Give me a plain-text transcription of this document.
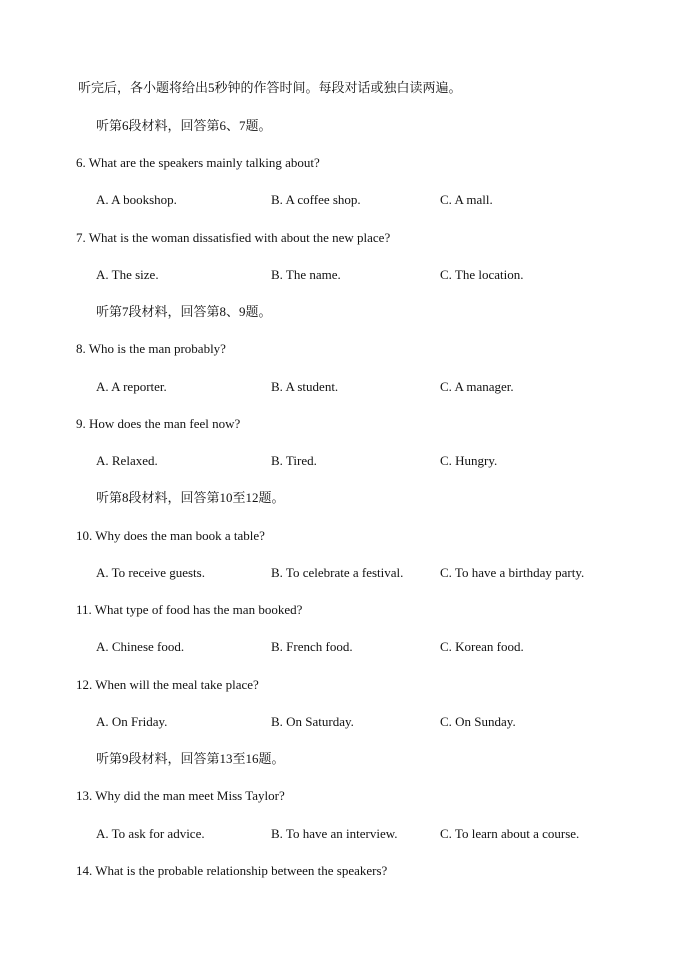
听完后，各小题将给出5秒钟的作答时间。每段对话或独白读两遍。
听第6段材料，回答第6、7题。
6. What are the speakers mainly talking about?
A. A bookshop.	B. A coffee shop.	C. A mall.
7. What is the woman dissatisfied with about the new place?
A. The size.	B. The name.	C. The location.
听第7段材料，回答第8、9题。
8. Who is the man probably?
A. A reporter.	B. A student.	C. A manager.
9. How does the man feel now?
A. Relaxed.	B. Tired.	C. Hungry.
听第8段材料，回答第10至12题。
10. Why does the man book a table?
A. To receive guests.	B. To celebrate a festival.	C. To have a birthday party.
11. What type of food has the man booked?
A. Chinese food.	B. French food.	C. Korean food.
12. When will the meal take place?
A. On Friday.	B. On Saturday.	C. On Sunday.
听第9段材料，回答第13至16题。
13. Why did the man meet Miss Taylor?
A. To ask for advice.	B. To have an interview.	C. To learn about a course.
14. What is the probable relationship between the speakers?
